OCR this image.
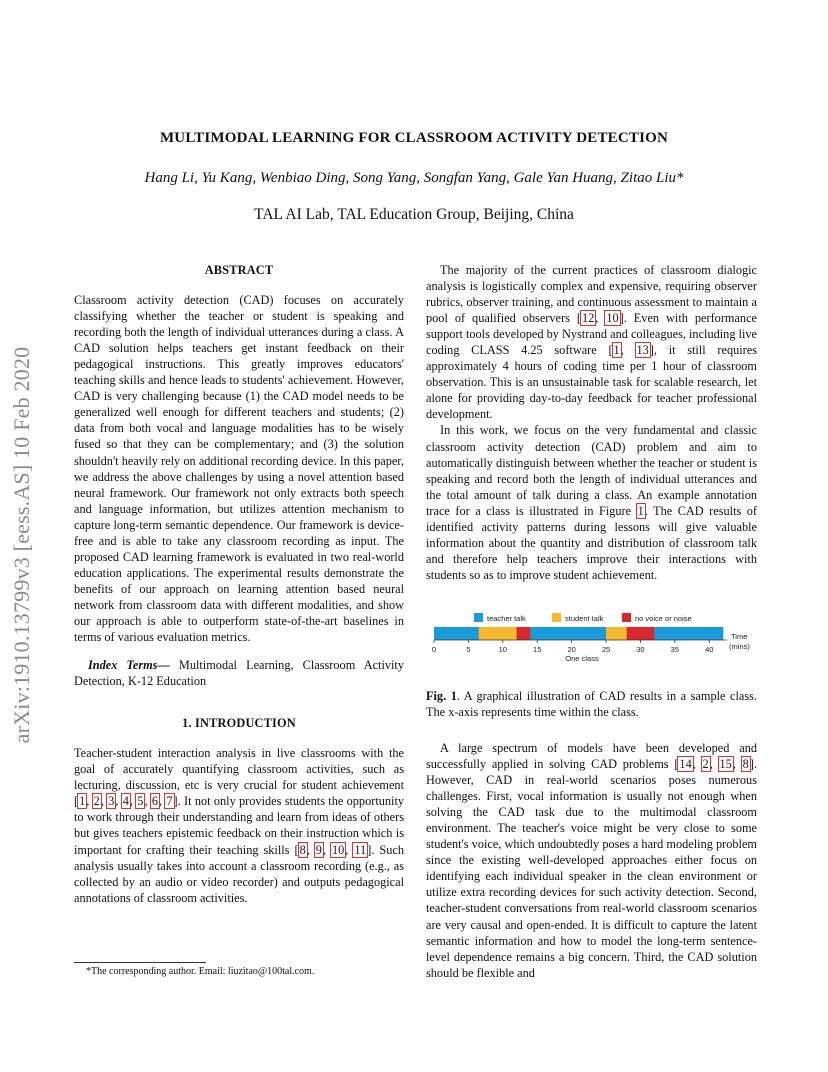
arXiv:1910.13799v3 [eess.AS] 10 Feb 2020
MULTIMODAL LEARNING FOR CLASSROOM ACTIVITY DETECTION
Hang Li, Yu Kang, Wenbiao Ding, Song Yang, Songfan Yang, Gale Yan Huang, Zitao Liu*
TAL AI Lab, TAL Education Group, Beijing, China
ABSTRACT

Classroom activity detection (CAD) focuses on accurately classifying whether the teacher or student is speaking and recording both the length of individual utterances during a class. A CAD solution helps teachers get instant feedback on their pedagogical instructions. This greatly improves educators' teaching skills and hence leads to students' achievement. However, CAD is very challenging because (1) the CAD model needs to be generalized well enough for different teachers and students; (2) data from both vocal and language modalities has to be wisely fused so that they can be complementary; and (3) the solution shouldn't heavily rely on additional recording device. In this paper, we address the above challenges by using a novel attention based neural framework. Our framework not only extracts both speech and language information, but utilizes attention mechanism to capture long-term semantic dependence. Our framework is device-free and is able to take any classroom recording as input. The proposed CAD learning framework is evaluated in two real-world education applications. The experimental results demonstrate the benefits of our approach on learning attention based neural network from classroom data with different modalities, and show our approach is able to outperform state-of-the-art baselines in terms of various evaluation metrics.

Index Terms— Multimodal Learning, Classroom Activity Detection, K-12 Education

1. INTRODUCTION

Teacher-student interaction analysis in live classrooms with the goal of accurately quantifying classroom activities, such as lecturing, discussion, etc is very crucial for student achievement [1, 2, 3, 4, 5, 6, 7]. It not only provides students the opportunity to work through their understanding and learn from ideas of others but gives teachers epistemic feedback on their instruction which is important for crafting their teaching skills [8, 9, 10, 11]. Such analysis usually takes into account a classroom recording (e.g., as collected by an audio or video recorder) and outputs pedagogical annotations of classroom activities.

*The corresponding author. Email: liuzitao@100tal.com.

The majority of the current practices of classroom dialogic analysis is logistically complex and expensive, requiring observer rubrics, observer training, and continuous assessment to maintain a pool of qualified observers [12, 10]. Even with performance support tools developed by Nystrand and colleagues, including live coding CLASS 4.25 software [1, 13], it still requires approximately 4 hours of coding time per 1 hour of classroom observation. This is an unsustainable task for scalable research, let alone for providing day-to-day feedback for teacher professional development.

In this work, we focus on the very fundamental and classic classroom activity detection (CAD) problem and aim to automatically distinguish between whether the teacher or student is speaking and record both the length of individual utterances and the total amount of talk during a class. An example annotation trace for a class is illustrated in Figure 1. The CAD results of identified activity patterns during lessons will give valuable information about the quantity and distribution of classroom talk and therefore help teachers improve their interactions with students so as to improve student achievement.

teacher talk	student talk	no voice or noise
0	5	10	15	20	25	30	35	40
One class
Time
(mins)
Fig. 1. A graphical illustration of CAD results in a sample class. The x-axis represents time within the class.

A large spectrum of models have been developed and successfully applied in solving CAD problems [14, 2, 15, 8]. However, CAD in real-world scenarios poses numerous challenges. First, vocal information is usually not enough when solving the CAD task due to the multimodal classroom environment. The teacher's voice might be very close to some student's voice, which undoubtedly poses a hard modeling problem since the existing well-developed approaches either focus on identifying each individual speaker in the clean environment or utilize extra recording devices for such activity detection. Second, teacher-student conversations from real-world classroom scenarios are very causal and open-ended. It is difficult to capture the latent semantic information and how to model the long-term sentence-level dependence remains a big concern. Third, the CAD solution should be flexible and
